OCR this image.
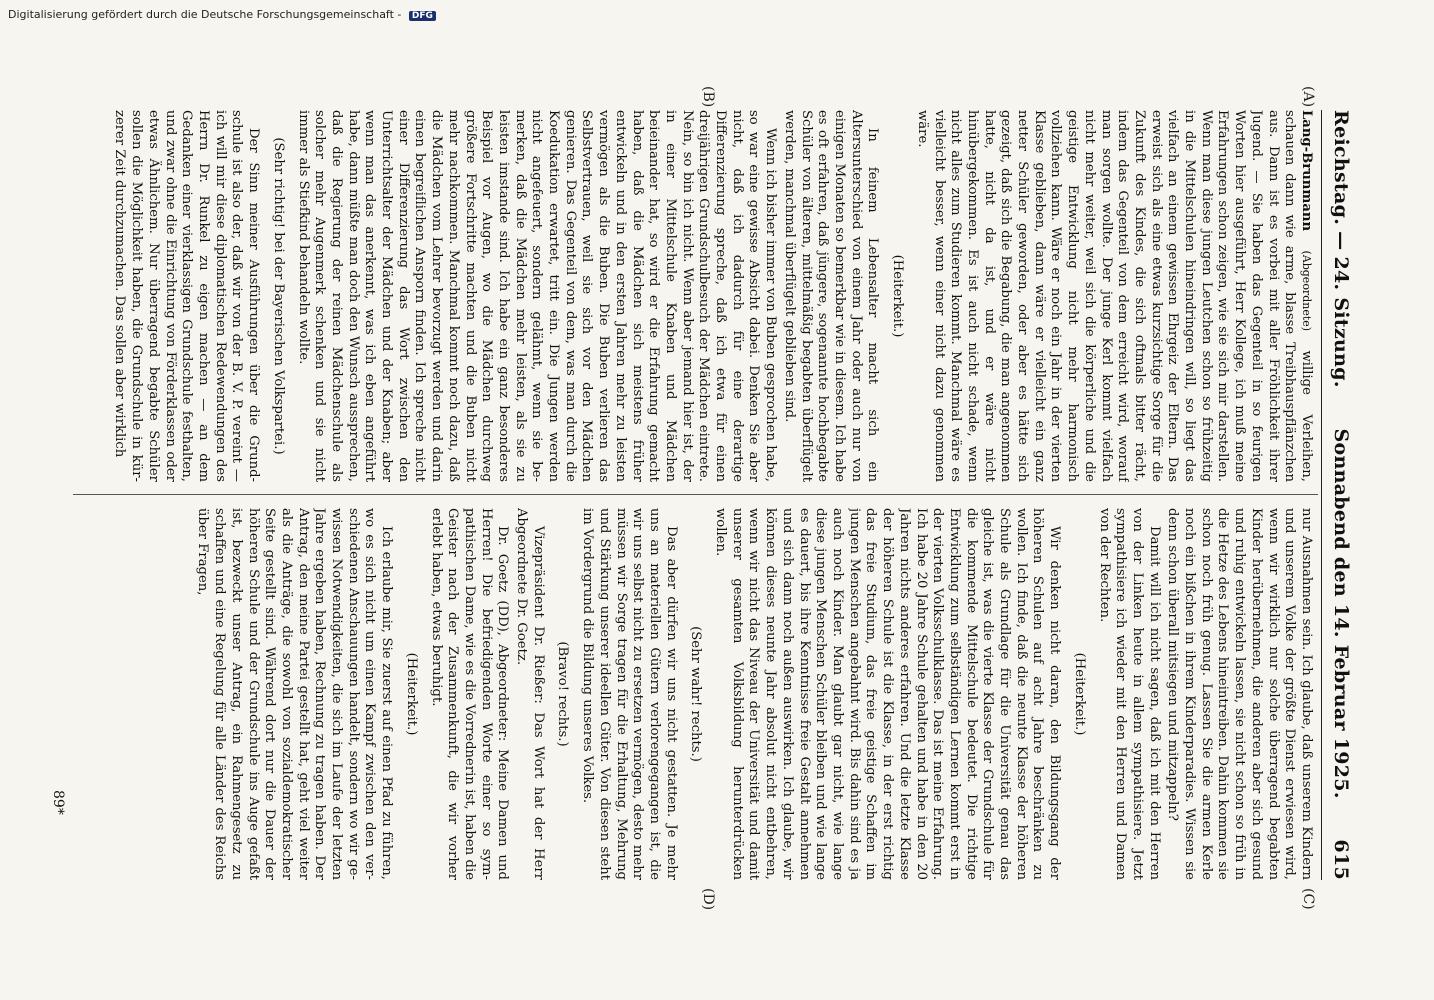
Reichstag.
—
24. Sitzung.
Sonnabend den 14. Februar 1925.
615
(A)
(B)
(C)
(D)

Lang-Brunmann (Abgeordnete) willige Verleihen, schauen dann wie arme, blasse Treibhauspflänzchen aus. Dann ist es vorbei mit aller Fröhlichkeit ihrer Jugend. — Sie haben das Gegenteil in so feurigen Worten hier ausgeführt, Herr Kollege, ich muß meine Erfahrungen schon zeigen, wie sie sich mir darstellen. Wenn man diese jungen Leutchen schon so frühzeitig in die Mittelschulen hineindringen will, so liegt das vielfach an einem gewissen Ehrgeiz der Eltern. Das erweist sich als eine etwas kurzsichtige Sorge für die Zukunft des Kindes, die sich oftmals bitter rächt, indem das Gegenteil von dem erreicht wird, worauf man sorgen wollte. Der junge Kerl kommt vielfach nicht mehr weiter, weil sich die körperliche und die geistige Entwicklung nicht mehr harmonisch vollziehen kann. Wäre er noch ein Jahr in der vierten Klasse geblieben, dann wäre er vielleicht ein ganz netter Schüler geworden, oder aber es hätte sich gezeigt, daß sich die Begabung, die man angenommen hatte, nicht da ist, und er wäre nicht hinübergekommen. Es ist auch nicht schade, wenn nicht alles zum Studieren kommt. Manchmal wäre es vielleicht besser, wenn einer nicht dazu genommen wäre.

(Heiterkeit.)

In feinem Lebensalter macht sich ein Altersunterschied von einem Jahr oder auch nur von einigen Monaten so bemerkbar wie in diesem. Ich habe es oft erfahren, daß jüngere, sogenannte hochbegabte Schüler von älteren, mittelmäßig begabten überflügelt werden, manchmal überflügelt geblieben sind.

Wenn ich bisher immer von Buben gesprochen habe, so war eine gewisse Absicht dabei. Denken Sie aber nicht, daß ich dadurch für eine derartige Differenzierung spreche, daß ich etwa für einen dreijährigen Grundschulbesuch der Mädchen eintrete. Nein, so bin ich nicht. Wenn aber jemand hier ist, der in einer Mittelschule Knaben und Mädchen beieinander hat, so wird er die Erfahrung gemacht haben, daß die Mädchen sich meistens früher entwickeln und in den ersten Jahren mehr zu leisten vermögen als die Buben. Die Buben verlieren das Selbstvertrauen, weil sie sich vor den Mädchen genieren. Das Gegenteil von dem, was man durch die Koedukation erwartet, tritt ein. Die Jungen werden nicht angefeuert, sondern gelähmt, wenn sie bemerken, daß die Mädchen mehr leisten, als sie zu leisten imstande sind. Ich habe ein ganz besonderes Beispiel vor Augen, wo die Mädchen durchweg größere Fortschritte machten und die Buben nicht mehr nachkommen. Manchmal kommt noch dazu, daß die Mädchen vom Lehrer bevorzugt werden und darin einen begreiflichen Ansporn finden. Ich spreche nicht einer Differenzierung das Wort zwischen den Unterrichtsalter der Mädchen und der Knaben; aber wenn man das anerkennt, was ich eben angeführt habe, dann müßte man doch den Wunsch aussprechen, daß die Regierung der reinen Mädchenschule als solcher mehr Augenmerk schenken und sie nicht immer als Stiefkind behandeln wollte.

(Sehr richtig! bei der Bayerischen Volkspartei.)

Der Sinn meiner Ausführungen über die Grundschule ist also der, daß wir von der B. V. P. vereint — ich will mir diese diplomatischen Redewendungen des Herrn Dr. Runkel zu eigen machen — an dem Gedanken einer vierklassigen Grundschule festhalten, und zwar ohne die Einrichtung von Förderklassen oder etwas Ähnlichem. Nur überragend begabte Schüler sollen die Möglichkeit haben, die Grundschule in kürzerer Zeit durchzumachen. Das sollen aber wirklich

nur Ausnahmen sein. Ich glaube, daß unserem Kindern und unserem Volke der größte Dienst erwiesen wird, wenn wir wirklich nur solche überragend begabten Kinder herübernehmen, die anderen aber sich gesund und ruhig entwickeln lassen, sie nicht schon so früh in die Hetze des Lebens hineintreiben. Dahin kommen sie schon noch früh genug. Lassen Sie die armen Kerle noch ein bißchen in ihrem Kinderparadies. Wissen sie denn schon überall mitsiegen und mitzappeln?

Damit will ich nicht sagen, daß ich mit den Herren von der Linken heute in allem sympathisiere. Jetzt sympathisiere ich wieder mit den Herren und Damen von der Rechten.

(Heiterkeit.)

Wir denken nicht daran, den Bildungsgang der höheren Schulen auf acht Jahre beschränken zu wollen. Ich finde, daß die neunte Klasse der höheren Schule als Grundlage für die Universität genau das gleiche ist, was die vierte Klasse der Grundschule für die kommende Mittelschule bedeutet. Die richtige Entwicklung zum selbständigen Lernen kommt erst in der vierten Volksschulklasse. Das ist meine Erfahrung. Ich habe 20 Jahre Schule gehalten und habe in den 20 Jahren nichts anderes erfahren. Und die letzte Klasse der höheren Schule ist die Klasse, in der erst richtig das freie Studium, das freie geistige Schaffen im jungen Menschen angebahnt wird. Bis dahin sind es ja auch noch Kinder. Man glaubt gar nicht, wie lange diese jungen Menschen Schüler bleiben und wie lange es dauert, bis ihre Kenntnisse freie Gestalt annehmen und sich dann noch außen auswirken. Ich glaube, wir können dieses neunte Jahr absolut nicht entbehren, wenn wir nicht das Niveau der Universität und damit unserer gesamten Volksbildung herunterdrücken wollen.

(Sehr wahr! rechts.)

Das aber dürfen wir uns nicht gestatten. Je mehr uns an materiellen Gütern verlorengegangen ist, die wir uns selbst nicht zu ersetzen vermögen, desto mehr müssen wir Sorge tragen für die Erhaltung, Mehrung und Stärkung unserer ideellen Güter. Von diesen steht im Vordergrund die Bildung unseres Volkes.

(Bravo! rechts.)

Vizepräsident Dr. Rießer: Das Wort hat der Herr Abgeordnete Dr. Goetz.

Dr. Goetz (DD), Abgeordneter: Meine Damen und Herren! Die befriedigenden Worte einer so sympathischen Dame, wie es die Vorrednerin ist, haben die Geister nach der Zusammenkunft, die wir vorher erlebt haben, etwas beruhigt.

(Heiterkeit.)

Ich erlaube mir, Sie zuerst auf einen Pfad zu führen, wo es sich nicht um einen Kampf zwischen den verschiedenen Anschauungen handelt, sondern wo wir gewissen Notwendigkeiten, die sich im Laufe der letzten Jahre ergeben haben, Rechnung zu tragen haben. Der Antrag, den meine Partei gestellt hat, geht viel weiter als die Anträge, die sowohl von sozialdemokratischer Seite gestellt sind. Während dort nur die Dauer der höheren Schule und der Grundschule ins Auge gefaßt ist, bezweckt unser Antrag, ein Rahmengesetz zu schaffen und eine Regelung für alle Länder des Reichs über Fragen,

89*
Digitalisierung gefördert durch die Deutsche Forschungsgemeinschaft - DFG
